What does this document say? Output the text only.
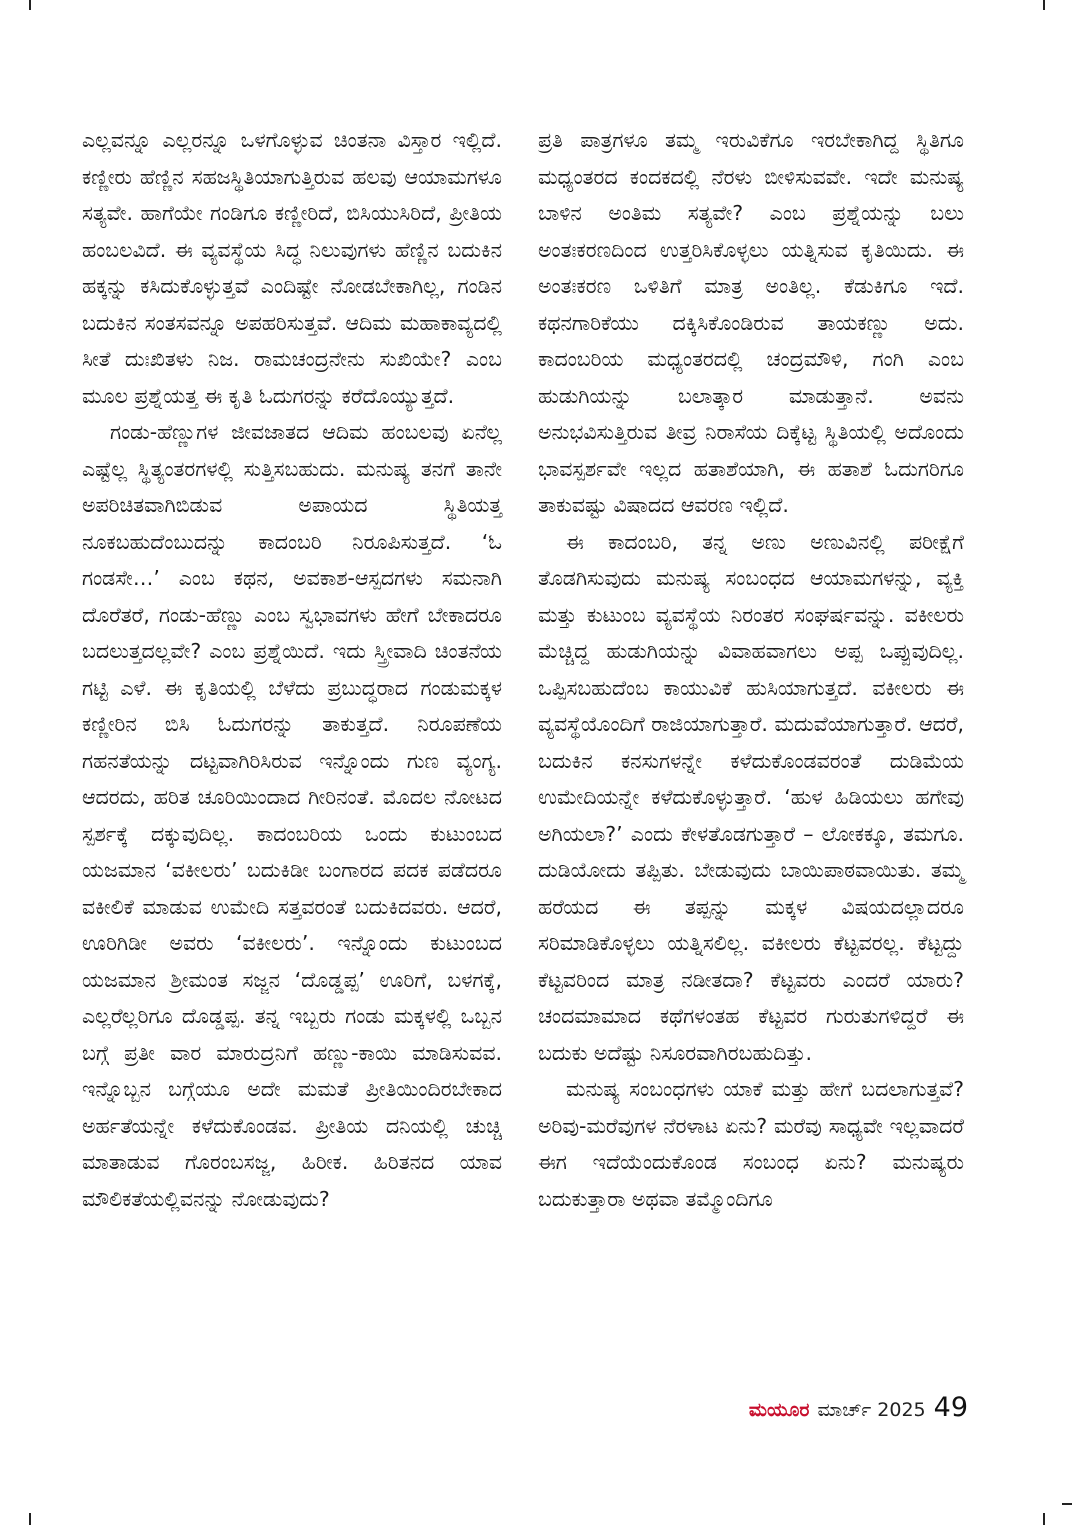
ಎಲ್ಲವನ್ನೂ ಎಲ್ಲರನ್ನೂ ಒಳಗೊಳ್ಳುವ ಚಿಂತನಾ ವಿಸ್ತಾರ ಇಲ್ಲಿದೆ. ಕಣ್ಣೀರು ಹೆಣ್ಣಿನ ಸಹಜಸ್ಥಿತಿಯಾಗುತ್ತಿರುವ ಹಲವು ಆಯಾಮಗಳೂ ಸತ್ಯವೇ. ಹಾಗೆಯೇ ಗಂಡಿಗೂ ಕಣ್ಣೀರಿದೆ, ಬಿಸಿಯುಸಿರಿದೆ, ಪ್ರೀತಿಯ ಹಂಬಲವಿದೆ. ಈ ವ್ಯವಸ್ಥೆಯ ಸಿದ್ಧ ನಿಲುವುಗಳು ಹೆಣ್ಣಿನ ಬದುಕಿನ ಹಕ್ಕನ್ನು ಕಸಿದುಕೊಳ್ಳುತ್ತವೆ ಎಂದಿಷ್ಟೇ ನೋಡಬೇಕಾಗಿಲ್ಲ, ಗಂಡಿನ ಬದುಕಿನ ಸಂತಸವನ್ನೂ ಅಪಹರಿಸುತ್ತವೆ. ಆದಿಮ ಮಹಾಕಾವ್ಯದಲ್ಲಿ ಸೀತೆ ದುಃಖಿತಳು ನಿಜ. ರಾಮಚಂದ್ರನೇನು ಸುಖಿಯೇ? ಎಂಬ ಮೂಲ ಪ್ರಶ್ನೆಯತ್ತ ಈ ಕೃತಿ ಓದುಗರನ್ನು ಕರೆದೊಯ್ಯುತ್ತದೆ.

ಗಂಡು-ಹೆಣ್ಣುಗಳ ಜೀವಜಾತದ ಆದಿಮ ಹಂಬಲವು ಏನೆಲ್ಲ ಎಷ್ಟೆಲ್ಲ ಸ್ಥಿತ್ಯಂತರಗಳಲ್ಲಿ ಸುತ್ತಿಸಬಹುದು. ಮನುಷ್ಯ ತನಗೆ ತಾನೇ ಅಪರಿಚಿತವಾಗಿಬಿಡುವ ಅಪಾಯದ ಸ್ಥಿತಿಯತ್ತ ನೂಕಬಹುದೆಂಬುದನ್ನು ಕಾದಂಬರಿ ನಿರೂಪಿಸುತ್ತದೆ. ‘ಓ ಗಂಡಸೇ…’ ಎಂಬ ಕಥನ, ಅವಕಾಶ-ಆಸ್ಪದಗಳು ಸಮನಾಗಿ ದೊರೆತರೆ, ಗಂಡು-ಹೆಣ್ಣು ಎಂಬ ಸ್ವಭಾವಗಳು ಹೇಗೆ ಬೇಕಾದರೂ ಬದಲುತ್ತದಲ್ಲವೇ? ಎಂಬ ಪ್ರಶ್ನೆಯಿದೆ. ಇದು ಸ್ತ್ರೀವಾದಿ ಚಿಂತನೆಯ ಗಟ್ಟಿ ಎಳೆ. ಈ ಕೃತಿಯಲ್ಲಿ ಬೆಳೆದು ಪ್ರಬುದ್ಧರಾದ ಗಂಡುಮಕ್ಕಳ ಕಣ್ಣೀರಿನ ಬಿಸಿ ಓದುಗರನ್ನು ತಾಕುತ್ತದೆ. ನಿರೂಪಣೆಯ ಗಹನತೆಯನ್ನು ದಟ್ಟವಾಗಿರಿಸಿರುವ ಇನ್ನೊಂದು ಗುಣ ವ್ಯಂಗ್ಯ. ಆದರದು, ಹರಿತ ಚೂರಿಯಿಂದಾದ ಗೀರಿನಂತೆ. ಮೊದಲ ನೋಟದ ಸ್ಪರ್ಶಕ್ಕೆ ದಕ್ಕುವುದಿಲ್ಲ. ಕಾದಂಬರಿಯ ಒಂದು ಕುಟುಂಬದ ಯಜಮಾನ ‘ವಕೀಲರು’ ಬದುಕಿಡೀ ಬಂಗಾರದ ಪದಕ ಪಡೆದರೂ ವಕೀಲಿಕೆ ಮಾಡುವ ಉಮೇದಿ ಸತ್ತವರಂತೆ ಬದುಕಿದವರು. ಆದರೆ, ಊರಿಗಿಡೀ ಅವರು ‘ವಕೀಲರು’. ಇನ್ನೊಂದು ಕುಟುಂಬದ ಯಜಮಾನ ಶ್ರೀಮಂತ ಸಜ್ಜನ ‘ದೊಡ್ಡಪ್ಪ’ ಊರಿಗೆ, ಬಳಗಕ್ಕೆ, ಎಲ್ಲರೆಲ್ಲರಿಗೂ ದೊಡ್ಡಪ್ಪ. ತನ್ನ ಇಬ್ಬರು ಗಂಡು ಮಕ್ಕಳಲ್ಲಿ ಒಬ್ಬನ ಬಗ್ಗೆ ಪ್ರತೀ ವಾರ ಮಾರುದ್ರನಿಗೆ ಹಣ್ಣು-ಕಾಯಿ ಮಾಡಿಸುವವ. ಇನ್ನೊಬ್ಬನ ಬಗ್ಗೆಯೂ ಅದೇ ಮಮತೆ ಪ್ರೀತಿಯಿಂದಿರಬೇಕಾದ ಅರ್ಹತೆಯನ್ನೇ ಕಳೆದುಕೊಂಡವ. ಪ್ರೀತಿಯ ದನಿಯಲ್ಲಿ ಚುಚ್ಚಿ ಮಾತಾಡುವ ಗೊರಂಬಸಜ್ಜ, ಹಿರೀಕ. ಹಿರಿತನದ ಯಾವ ಮೌಲಿಕತೆಯಲ್ಲಿವನನ್ನು ನೋಡುವುದು?

ಪ್ರತಿ ಪಾತ್ರಗಳೂ ತಮ್ಮ ಇರುವಿಕೆಗೂ ಇರಬೇಕಾಗಿದ್ದ ಸ್ಥಿತಿಗೂ ಮಧ್ಯಂತರದ ಕಂದಕದಲ್ಲಿ ನೆರಳು ಬೀಳಿಸುವವೇ. ಇದೇ ಮನುಷ್ಯ ಬಾಳಿನ ಅಂತಿಮ ಸತ್ಯವೇ? ಎಂಬ ಪ್ರಶ್ನೆಯನ್ನು ಬಲು ಅಂತಃಕರಣದಿಂದ ಉತ್ತರಿಸಿಕೊಳ್ಳಲು ಯತ್ನಿಸುವ ಕೃತಿಯಿದು. ಈ ಅಂತಃಕರಣ ಒಳಿತಿಗೆ ಮಾತ್ರ ಅಂತಿಲ್ಲ. ಕೆಡುಕಿಗೂ ಇದೆ. ಕಥನಗಾರಿಕೆಯು ದಕ್ಕಿಸಿಕೊಂಡಿರುವ ತಾಯಕಣ್ಣು ಅದು. ಕಾದಂಬರಿಯ ಮಧ್ಯಂತರದಲ್ಲಿ ಚಂದ್ರಮೌಳಿ, ಗಂಗಿ ಎಂಬ ಹುಡುಗಿಯನ್ನು ಬಲಾತ್ಕಾರ ಮಾಡುತ್ತಾನೆ. ಅವನು ಅನುಭವಿಸುತ್ತಿರುವ ತೀವ್ರ ನಿರಾಸೆಯ ದಿಕ್ಕೆಟ್ಟ ಸ್ಥಿತಿಯಲ್ಲಿ ಅದೊಂದು ಭಾವಸ್ಪರ್ಶವೇ ಇಲ್ಲದ ಹತಾಶೆಯಾಗಿ, ಈ ಹತಾಶೆ ಓದುಗರಿಗೂ ತಾಕುವಷ್ಟು ವಿಷಾದದ ಆವರಣ ಇಲ್ಲಿದೆ.

ಈ ಕಾದಂಬರಿ, ತನ್ನ ಅಣು ಅಣುವಿನಲ್ಲಿ ಪರೀಕ್ಷೆಗೆ ತೊಡಗಿಸುವುದು ಮನುಷ್ಯ ಸಂಬಂಧದ ಆಯಾಮಗಳನ್ನು, ವ್ಯಕ್ತಿ ಮತ್ತು ಕುಟುಂಬ ವ್ಯವಸ್ಥೆಯ ನಿರಂತರ ಸಂಘರ್ಷವನ್ನು. ವಕೀಲರು ಮೆಚ್ಚಿದ್ದ ಹುಡುಗಿಯನ್ನು ವಿವಾಹವಾಗಲು ಅಪ್ಪ ಒಪ್ಪುವುದಿಲ್ಲ. ಒಪ್ಪಿಸಬಹುದೆಂಬ ಕಾಯುವಿಕೆ ಹುಸಿಯಾಗುತ್ತದೆ. ವಕೀಲರು ಈ ವ್ಯವಸ್ಥೆಯೊಂದಿಗೆ ರಾಜಿಯಾಗುತ್ತಾರೆ. ಮದುವೆಯಾಗುತ್ತಾರೆ. ಆದರೆ, ಬದುಕಿನ ಕನಸುಗಳನ್ನೇ ಕಳೆದುಕೊಂಡವರಂತೆ ದುಡಿಮೆಯ ಉಮೇದಿಯನ್ನೇ ಕಳೆದುಕೊಳ್ಳುತ್ತಾರೆ. ‘ಹುಳ ಹಿಡಿಯಲು ಹಗೇವು ಅಗಿಯಲಾ?’ ಎಂದು ಕೇಳತೊಡಗುತ್ತಾರೆ – ಲೋಕಕ್ಕೂ, ತಮಗೂ. ದುಡಿಯೋದು ತಪ್ಪಿತು. ಬೇಡುವುದು ಬಾಯಿಪಾಠವಾಯಿತು. ತಮ್ಮ ಹರೆಯದ ಈ ತಪ್ಪನ್ನು ಮಕ್ಕಳ ವಿಷಯದಲ್ಲಾದರೂ ಸರಿಮಾಡಿಕೊಳ್ಳಲು ಯತ್ನಿಸಲಿಲ್ಲ. ವಕೀಲರು ಕೆಟ್ಟವರಲ್ಲ. ಕೆಟ್ಟದ್ದು ಕೆಟ್ಟವರಿಂದ ಮಾತ್ರ ನಡೀತದಾ? ಕೆಟ್ಟವರು ಎಂದರೆ ಯಾರು? ಚಂದಮಾಮಾದ ಕಥೆಗಳಂತಹ ಕೆಟ್ಟವರ ಗುರುತುಗಳಿದ್ದರೆ ಈ ಬದುಕು ಅದೆಷ್ಟು ನಿಸೂರವಾಗಿರಬಹುದಿತ್ತು.

ಮನುಷ್ಯ ಸಂಬಂಧಗಳು ಯಾಕೆ ಮತ್ತು ಹೇಗೆ ಬದಲಾಗುತ್ತವೆ? ಅರಿವು-ಮರೆವುಗಳ ನೆರಳಾಟ ಏನು? ಮರೆವು ಸಾಧ್ಯವೇ ಇಲ್ಲವಾದರೆ ಈಗ ಇದೆಯೆಂದುಕೊಂಡ ಸಂಬಂಧ ಏನು? ಮನುಷ್ಯರು ಬದುಕುತ್ತಾರಾ ಅಥವಾ ತಮ್ಮೊಂದಿಗೂ

ಮಯೂರ ಮಾರ್ಚ್ 2025 49
